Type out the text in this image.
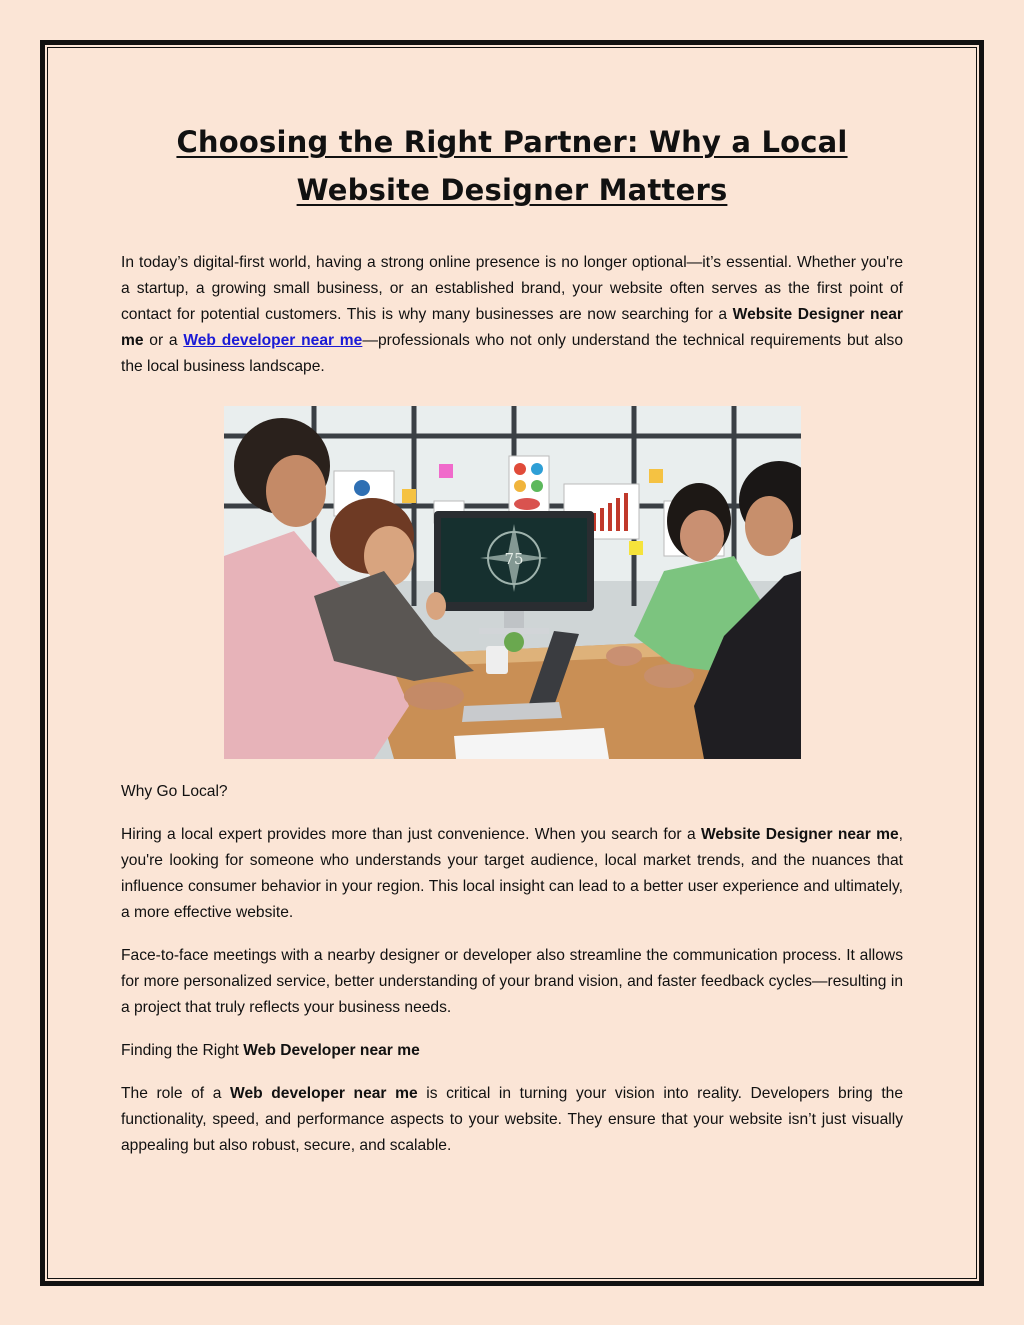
Choosing the Right Partner: Why a Local Website Designer Matters

In today’s digital-first world, having a strong online presence is no longer optional—it’s essential. Whether you're a startup, a growing small business, or an established brand, your website often serves as the first point of contact for potential customers. This is why many businesses are now searching for a Website Designer near me or a Web developer near me—professionals who not only understand the technical requirements but also the local business landscape.

75

Why Go Local?

Hiring a local expert provides more than just convenience. When you search for a Website Designer near me, you're looking for someone who understands your target audience, local market trends, and the nuances that influence consumer behavior in your region. This local insight can lead to a better user experience and ultimately, a more effective website.

Face-to-face meetings with a nearby designer or developer also streamline the communication process. It allows for more personalized service, better understanding of your brand vision, and faster feedback cycles—resulting in a project that truly reflects your business needs.

Finding the Right Web Developer near me

The role of a Web developer near me is critical in turning your vision into reality. Developers bring the functionality, speed, and performance aspects to your website. They ensure that your website isn’t just visually appealing but also robust, secure, and scalable.
